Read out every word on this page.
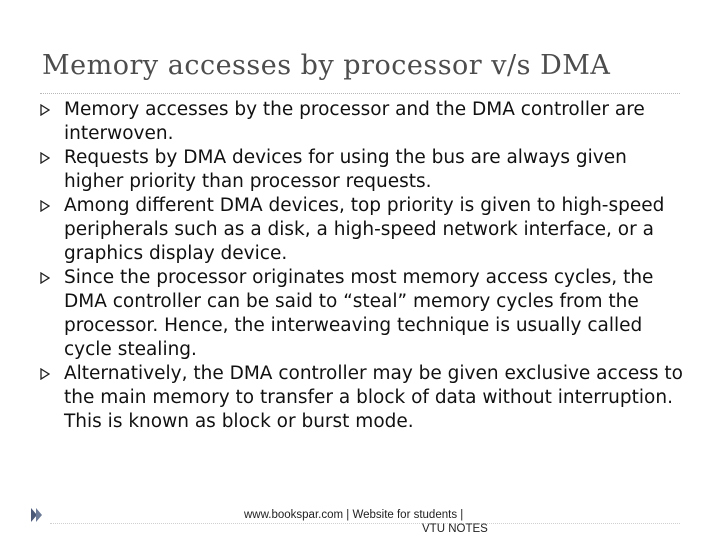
Memory accesses by processor v/s DMA
Memory accesses by the processor and the DMA controller are interwoven.
Requests by DMA devices for using the bus are always given higher priority than processor requests.
Among different DMA devices, top priority is given to high-speed peripherals such as a disk, a high-speed network interface, or a graphics display device.
Since the processor originates most memory access cycles, the DMA controller can be said to “steal” memory cycles from the processor. Hence, the interweaving technique is usually called cycle stealing.
Alternatively, the DMA controller may be given exclusive access to the main memory to transfer a block of data without interruption. This is known as block or burst mode.
www.bookspar.com | Website for students |
VTU NOTES
